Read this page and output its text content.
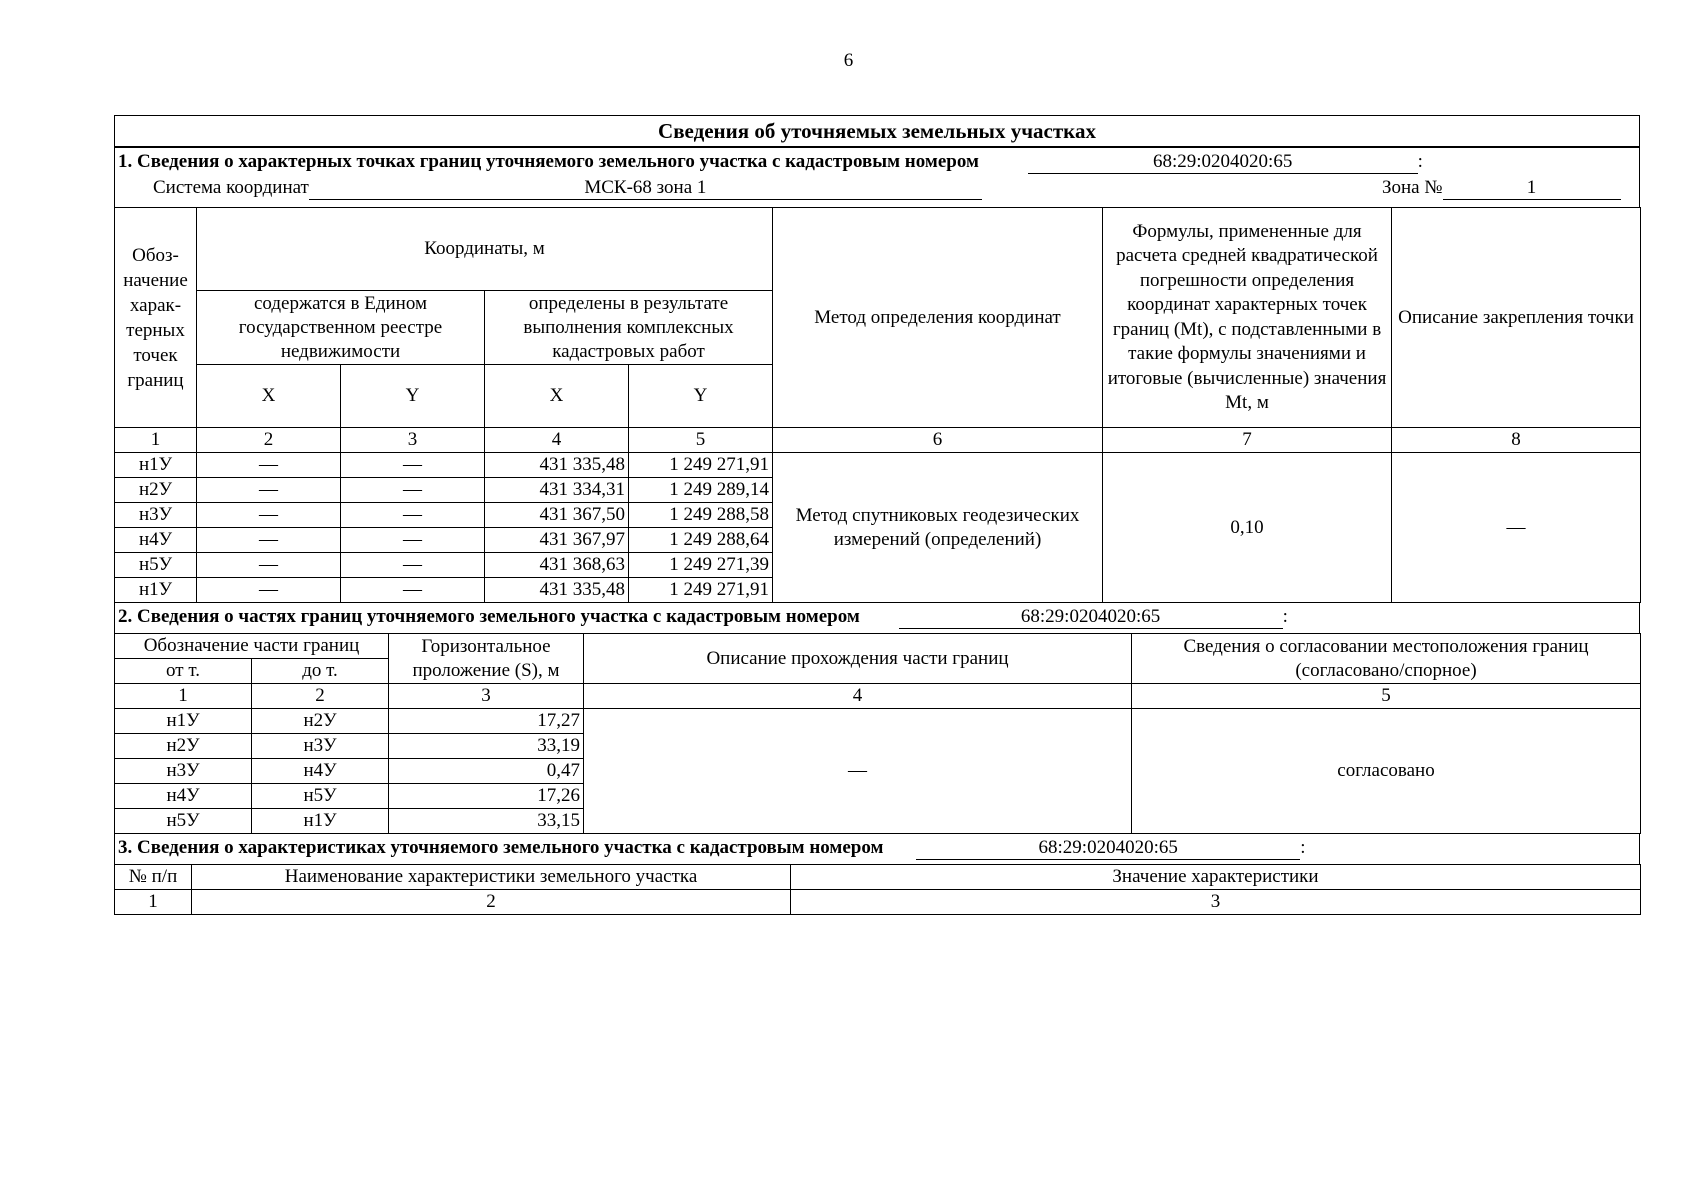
6
Сведения об уточняемых земельных участках
1. Сведения о характерных точках границ уточняемого земельного участка с кадастровым номером	68:29:0204020:65	:
Система координат	МСК-68 зона 1	Зона №	1
Обоз-начение харак-терных точек границ	Координаты, м				Метод определения координат	Формулы, примененные для расчета средней квадратической погрешности определения координат характерных точек границ (Mt), с подставленными в такие формулы значениями и итоговые (вычисленные) значения Mt, м	Описание закрепления точки
	содержатся в Едином государственном реестре недвижимости		определены в результате выполнения комплексных кадастровых работ				
	X	Y	X	Y			
1	2	3	4	5	6	7	8
н1У	—	—	431 335,48	1 249 271,91	Метод спутниковых геодезических измерений (определений)	0,10	—
н2У	—	—	431 334,31	1 249 289,14			
н3У	—	—	431 367,50	1 249 288,58			
н4У	—	—	431 367,97	1 249 288,64			
н5У	—	—	431 368,63	1 249 271,39			
н1У	—	—	431 335,48	1 249 271,91			
2. Сведения о частях границ уточняемого земельного участка с кадастровым номером	68:29:0204020:65	:
Обозначение части границ		Горизонтальное проложение (S), м	Описание прохождения части границ	Сведения о согласовании местоположения границ (согласовано/спорное)
от т.	до т.			
1	2	3	4	5
н1У	н2У	17,27	—	согласовано
н2У	н3У	33,19		
н3У	н4У	0,47		
н4У	н5У	17,26		
н5У	н1У	33,15		
3. Сведения о характеристиках уточняемого земельного участка с кадастровым номером	68:29:0204020:65	:
№ п/п	Наименование характеристики земельного участка	Значение характеристики
1	2	3
